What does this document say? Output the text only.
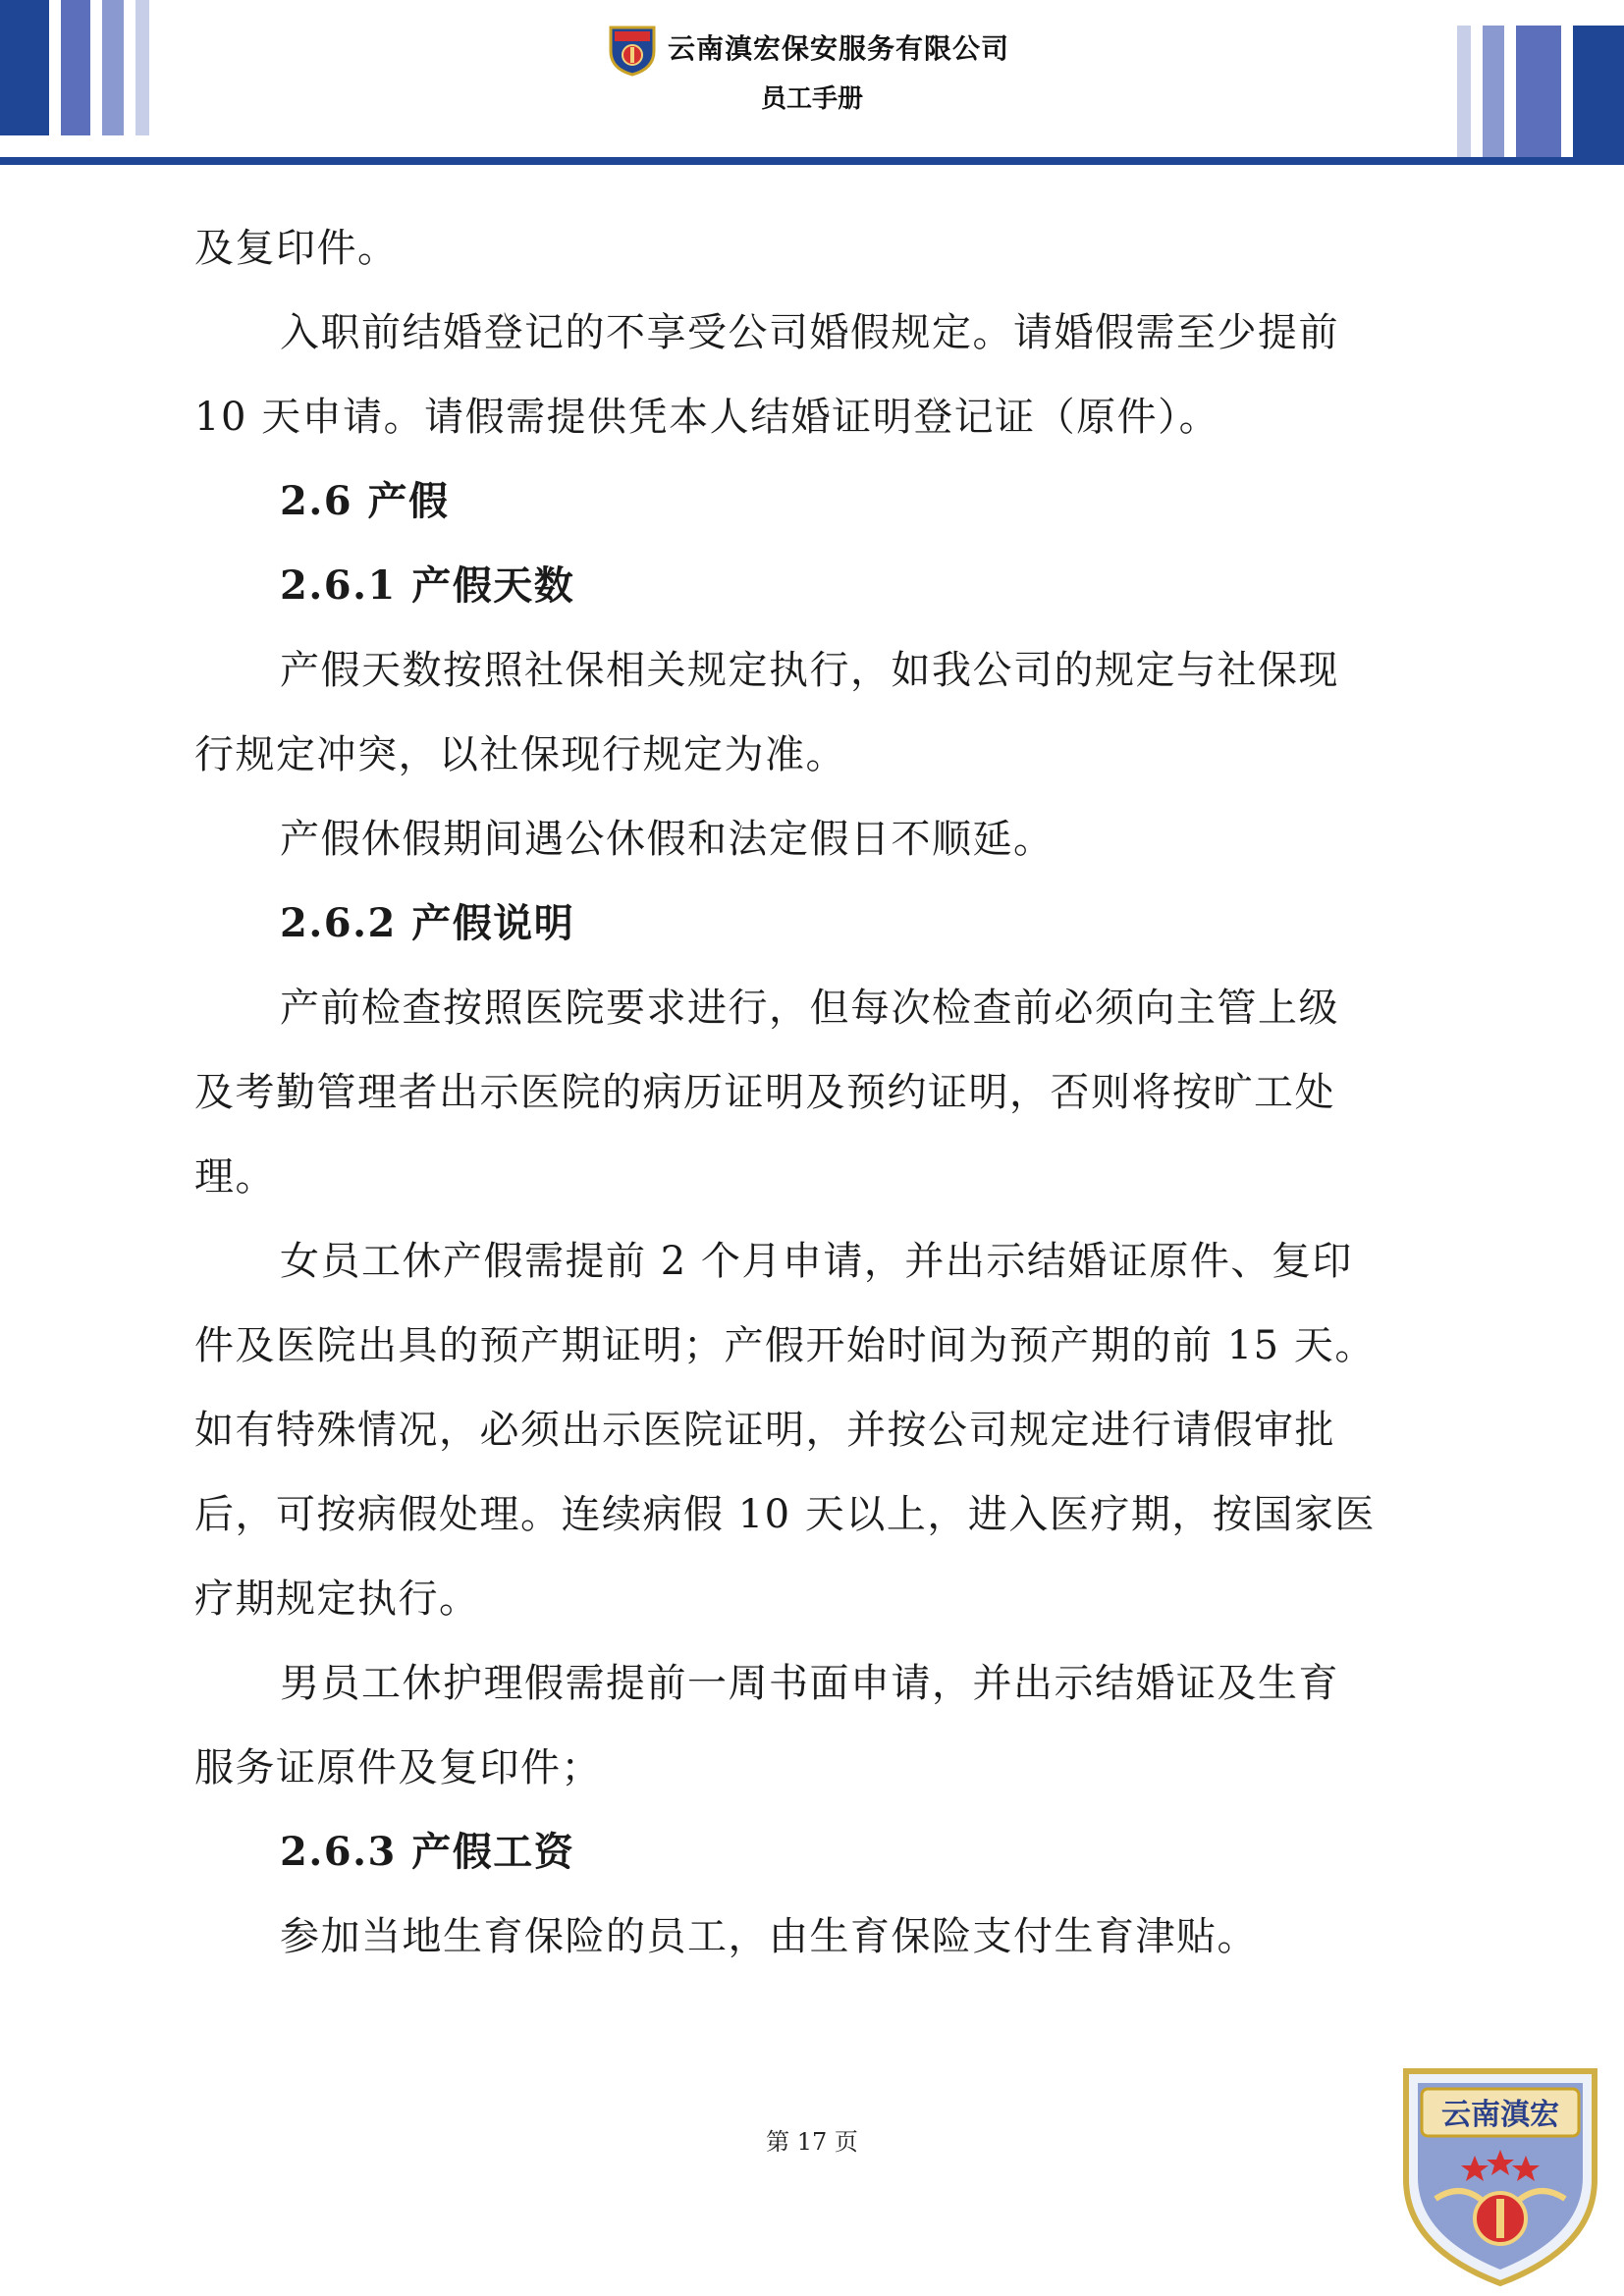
云南滇宏保安服务有限公司
员工手册
及复印件。
入职前结婚登记的不享受公司婚假规定。请婚假需至少提前
10 天申请。请假需提供凭本人结婚证明登记证（原件）。
2.6 产假
2.6.1 产假天数
产假天数按照社保相关规定执行，如我公司的规定与社保现
行规定冲突，以社保现行规定为准。
产假休假期间遇公休假和法定假日不顺延。
2.6.2 产假说明
产前检查按照医院要求进行，但每次检查前必须向主管上级
及考勤管理者出示医院的病历证明及预约证明，否则将按旷工处
理。
女员工休产假需提前 2 个月申请，并出示结婚证原件、复印
件及医院出具的预产期证明；产假开始时间为预产期的前 15 天。
如有特殊情况，必须出示医院证明，并按公司规定进行请假审批
后，可按病假处理。连续病假 10 天以上，进入医疗期，按国家医
疗期规定执行。
男员工休护理假需提前一周书面申请，并出示结婚证及生育
服务证原件及复印件；
2.6.3 产假工资
参加当地生育保险的员工，由生育保险支付生育津贴。
第 17 页
云南滇宏
